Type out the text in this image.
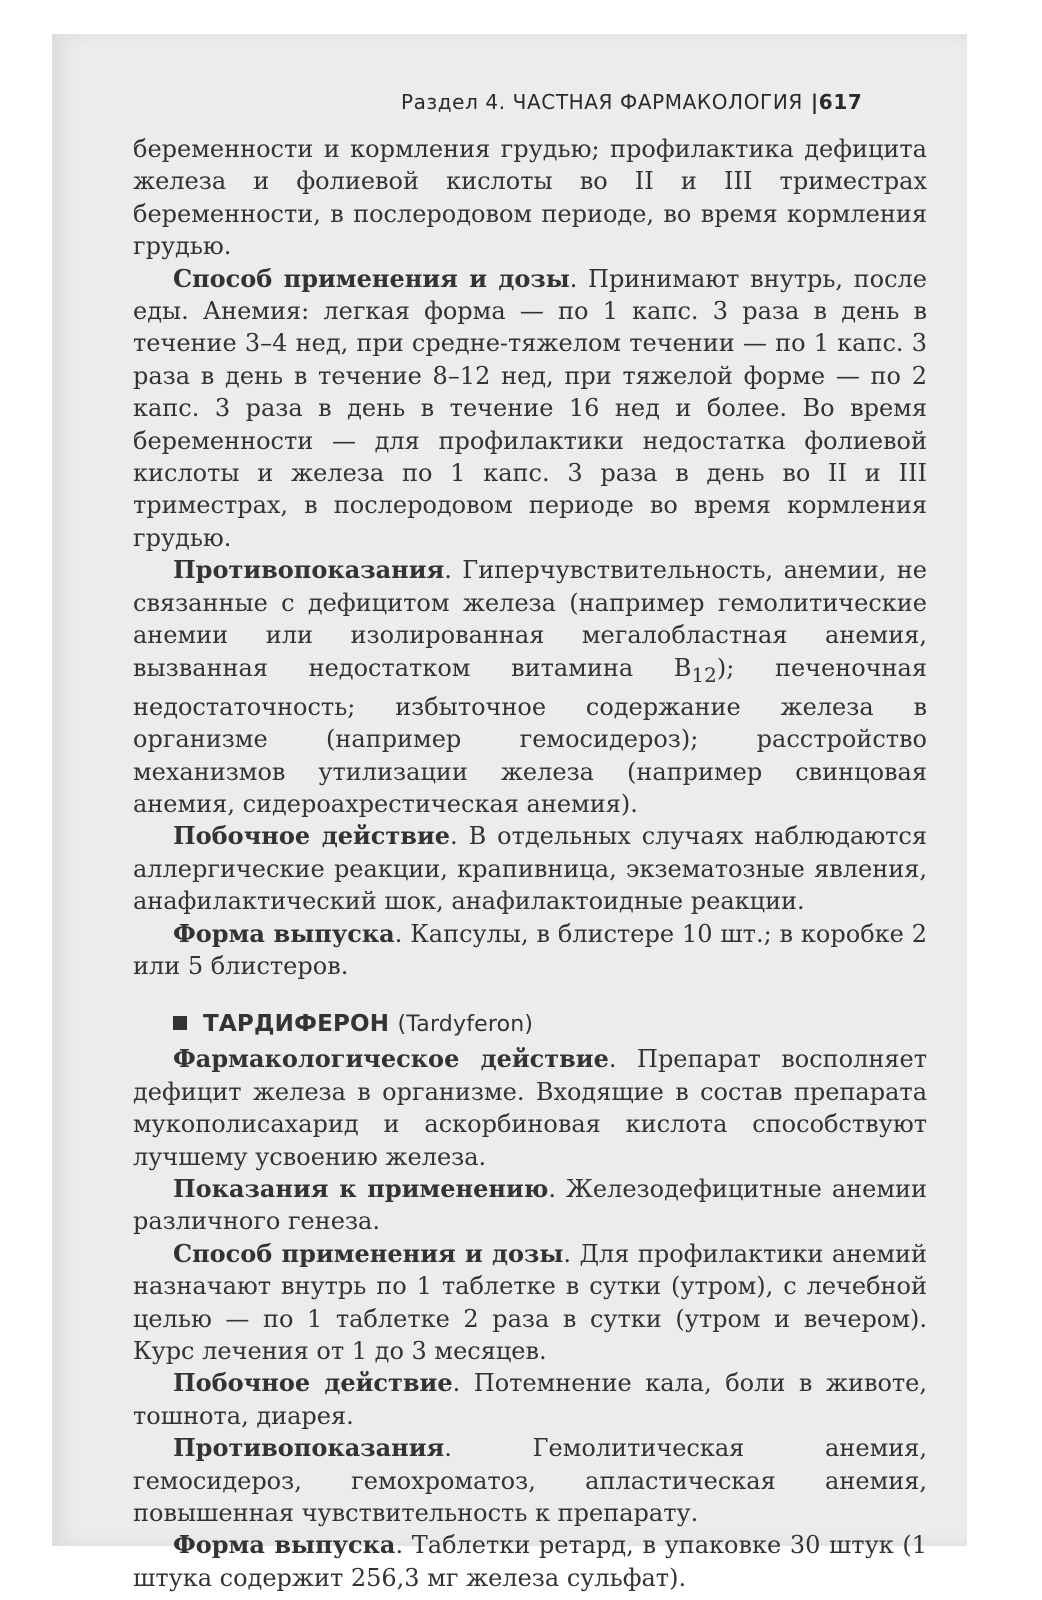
Раздел 4. ЧАСТНАЯ ФАРМАКОЛОГИЯ |617

беременности и кормления грудью; профилактика дефицита железа и фолиевой кислоты во II и III триместрах беременности, в послеродовом периоде, во время кормления грудью.

Способ применения и дозы. Принимают внутрь, после еды. Анемия: легкая форма — по 1 капс. 3 раза в день в течение 3–4 нед, при средне-тяжелом течении — по 1 капс. 3 раза в день в течение 8–12 нед, при тяжелой форме — по 2 капс. 3 раза в день в течение 16 нед и более. Во время беременности — для профилактики недостатка фолиевой кислоты и железа по 1 капс. 3 раза в день во II и III триместрах, в послеродовом периоде во время кормления грудью.

Противопоказания. Гиперчувствительность, анемии, не связанные с дефицитом железа (например гемолитические анемии или изолированная мегалобластная анемия, вызванная недостатком витамина $B_{12}$); печеночная недостаточность; избыточное содержание железа в организме (например гемосидероз); расстройство механизмов утилизации железа (например свинцовая анемия, сидероахрестическая анемия).

Побочное действие. В отдельных случаях наблюдаются аллергические реакции, крапивница, экзематозные явления, анафилактический шок, анафилактоидные реакции.

Форма выпуска. Капсулы, в блистере 10 шт.; в коробке 2 или 5 блистеров.

ТАРДИФЕРОН (Tardyferon)

Фармакологическое действие. Препарат восполняет дефицит железа в организме. Входящие в состав препарата мукополисахарид и аскорбиновая кислота способствуют лучшему усвоению железа.

Показания к применению. Железодефицитные анемии различного генеза.

Способ применения и дозы. Для профилактики анемий назначают внутрь по 1 таблетке в сутки (утром), с лечебной целью — по 1 таблетке 2 раза в сутки (утром и вечером). Курс лечения от 1 до 3 месяцев.

Побочное действие. Потемнение кала, боли в животе, тошнота, диарея.

Противопоказания. Гемолитическая анемия, гемосидероз, гемохроматоз, апластическая анемия, повышенная чувствительность к препарату.

Форма выпуска. Таблетки ретард, в упаковке 30 штук (1 штука содержит 256,3 мг железа сульфат).
